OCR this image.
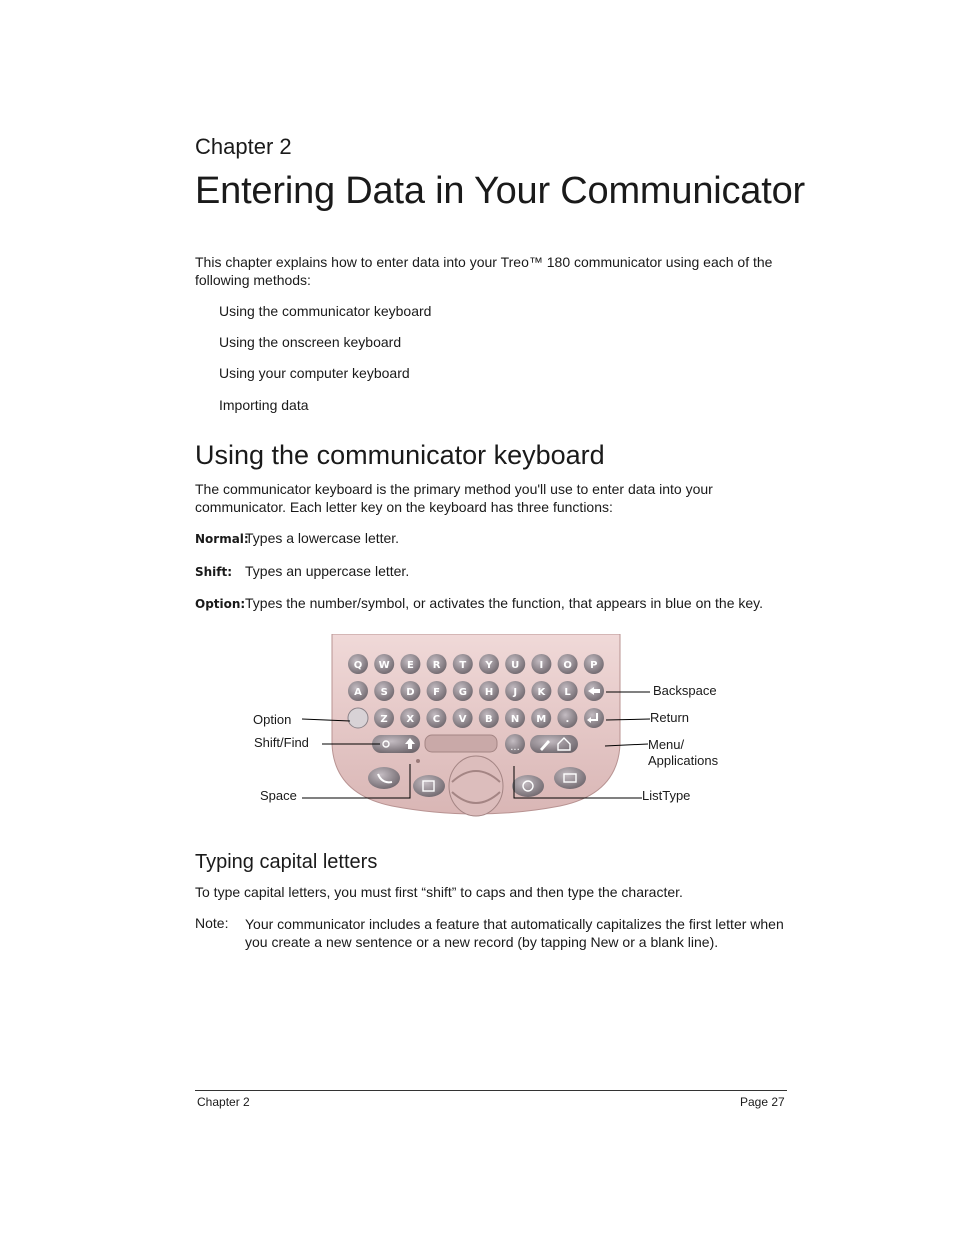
Chapter 2
Entering Data in Your Communicator
This chapter explains how to enter data into your Treo™ 180 communicator using each of the following methods:
Using the communicator keyboard
Using the onscreen keyboard
Using your computer keyboard
Importing data
Using the communicator keyboard
The communicator keyboard is the primary method you'll use to enter data into your communicator. Each letter key on the keyboard has three functions:
Normal:
Types a lowercase letter.
Shift: Types an uppercase letter.
Option: Types the number/symbol, or activates the function, that appears in blue on the key.
Q W E R T Y U I O P
A S D F G H J K L
Z X C V B N M .
...
Option
Shift/Find
Space
Backspace
Return
Menu/
Applications
ListType
Typing capital letters
To type capital letters, you must first “shift” to caps and then type the character.
Note: Your communicator includes a feature that automatically capitalizes the first letter when you create a new sentence or a new record (by tapping New or a blank line).
Chapter 2	Page 27
